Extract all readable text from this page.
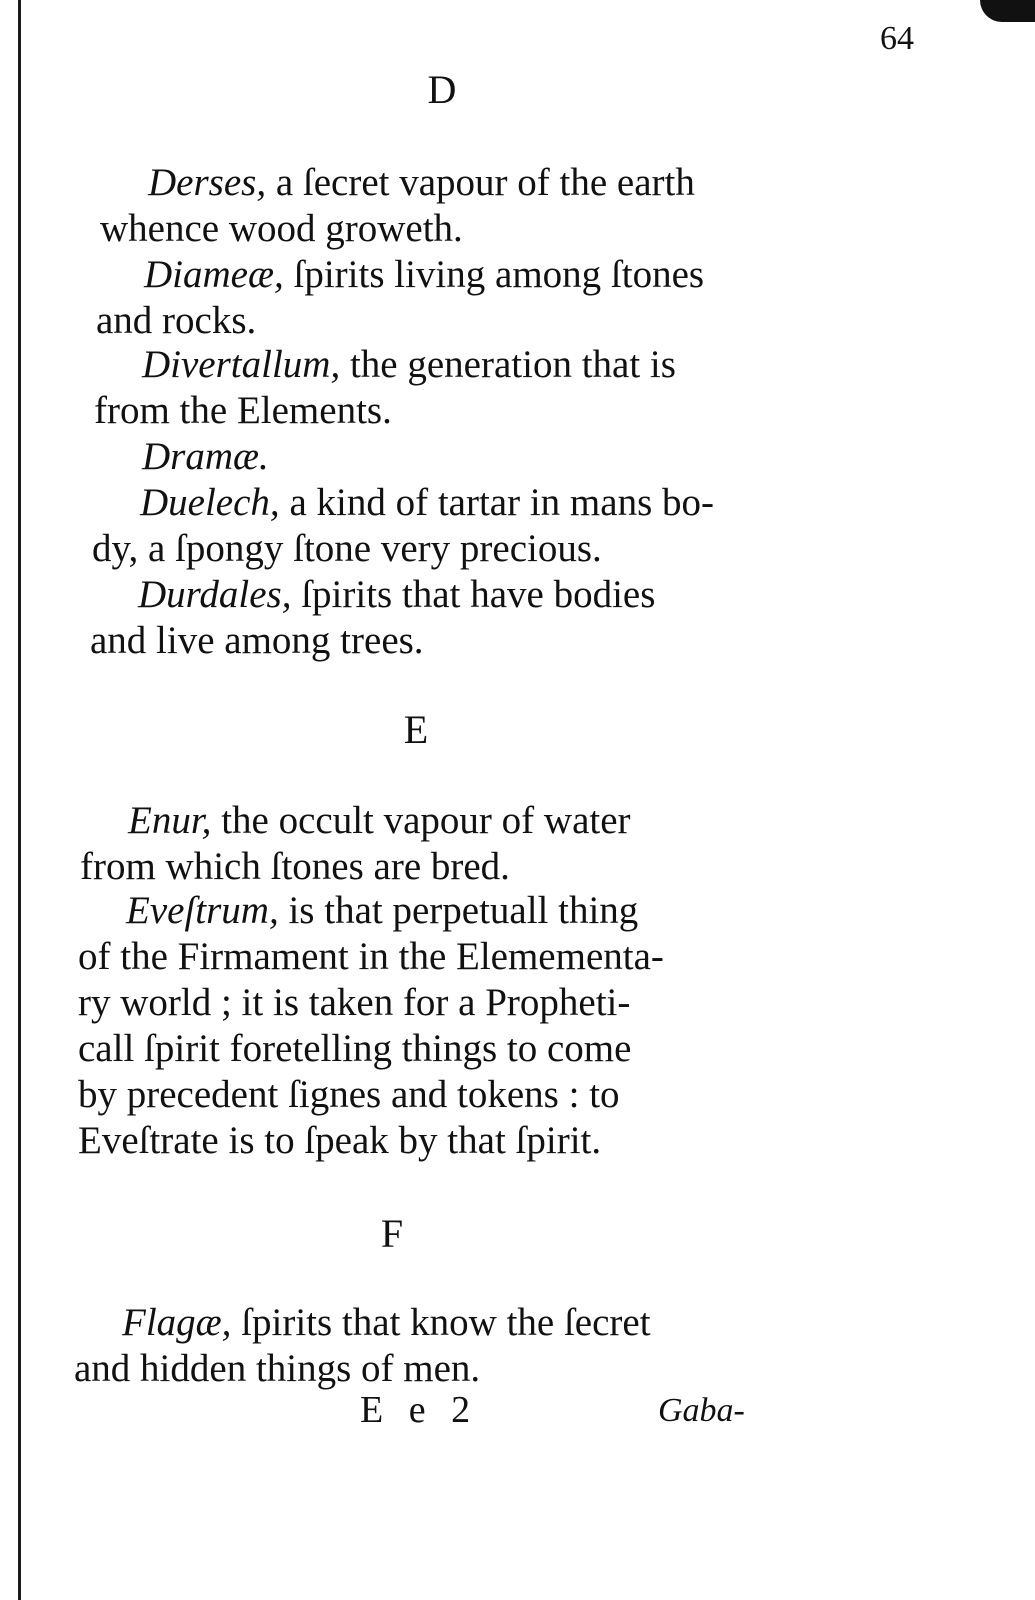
64
D
Derses, a ſecret vapour of the earth
whence wood groweth.
Diameæ, ſpirits living among ſtones
and rocks.
Divertallum, the generation that is
from the Elements.
Dramæ.
Duelech, a kind of tartar in mans bo-
dy, a ſpongy ſtone very precious.
Durdales, ſpirits that have bodies
and live among trees.
E
Enur, the occult vapour of water
from which ſtones are bred.
Eveſtrum, is that perpetuall thing
of the Firmament in the Elemementa-
ry world ; it is taken for a Propheti-
call ſpirit foretelling things to come
by precedent ſignes and tokens : to
Eveſtrate is to ſpeak by that ſpirit.
F
Flagæ, ſpirits that know the ſecret
and hidden things of men.
E e 2	Gaba-
